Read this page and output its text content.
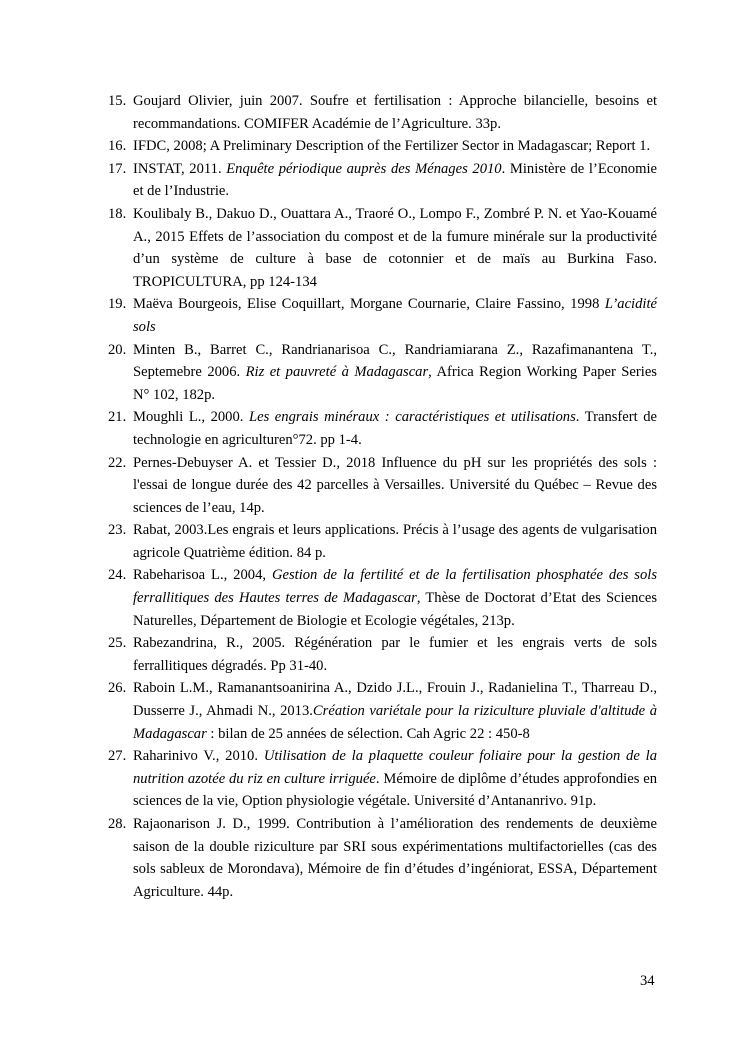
15. Goujard Olivier, juin 2007. Soufre et fertilisation : Approche bilancielle, besoins et recommandations. COMIFER Académie de l’Agriculture. 33p.
16. IFDC, 2008; A Preliminary Description of the Fertilizer Sector in Madagascar; Report 1.
17. INSTAT, 2011. Enquête périodique auprès des Ménages 2010. Ministère de l’Economie et de l’Industrie.
18. Koulibaly B., Dakuo D., Ouattara A., Traoré O., Lompo F., Zombré P. N. et Yao-Kouamé A., 2015 Effets de l’association du compost et de la fumure minérale sur la productivité d’un système de culture à base de cotonnier et de maïs au Burkina Faso. TROPICULTURA, pp 124-134
19. Maëva Bourgeois, Elise Coquillart, Morgane Cournarie, Claire Fassino, 1998 L’acidité sols
20. Minten B., Barret C., Randrianarisoa C., Randriamiarana Z., Razafimanantena T., Septemebre 2006. Riz et pauvreté à Madagascar, Africa Region Working Paper Series N° 102, 182p.
21. Moughli L., 2000. Les engrais minéraux : caractéristiques et utilisations. Transfert de technologie en agriculturen°72. pp 1-4.
22. Pernes-Debuyser A. et Tessier D., 2018 Influence du pH sur les propriétés des sols : l'essai de longue durée des 42 parcelles à Versailles. Université du Québec – Revue des sciences de l’eau, 14p.
23. Rabat, 2003.Les engrais et leurs applications. Précis à l’usage des agents de vulgarisation agricole Quatrième édition. 84 p.
24. Rabeharisoa L., 2004, Gestion de la fertilité et de la fertilisation phosphatée des sols ferrallitiques des Hautes terres de Madagascar, Thèse de Doctorat d’Etat des Sciences Naturelles, Département de Biologie et Ecologie végétales, 213p.
25. Rabezandrina, R., 2005. Régénération par le fumier et les engrais verts de sols ferrallitiques dégradés. Pp 31-40.
26. Raboin L.M., Ramanantsoanirina A., Dzido J.L., Frouin J., Radanielina T., Tharreau D., Dusserre J., Ahmadi N., 2013.Création variétale pour la riziculture pluviale d'altitude à Madagascar : bilan de 25 années de sélection. Cah Agric 22 : 450-8
27. Raharinivo V., 2010. Utilisation de la plaquette couleur foliaire pour la gestion de la nutrition azotée du riz en culture irriguée. Mémoire de diplôme d’études approfondies en sciences de la vie, Option physiologie végétale. Université d’Antananrivo. 91p.
28. Rajaonarison J. D., 1999. Contribution à l’amélioration des rendements de deuxième saison de la double riziculture par SRI sous expérimentations multifactorielles (cas des sols sableux de Morondava), Mémoire de fin d’études d’ingéniorat, ESSA, Département Agriculture. 44p.
34
